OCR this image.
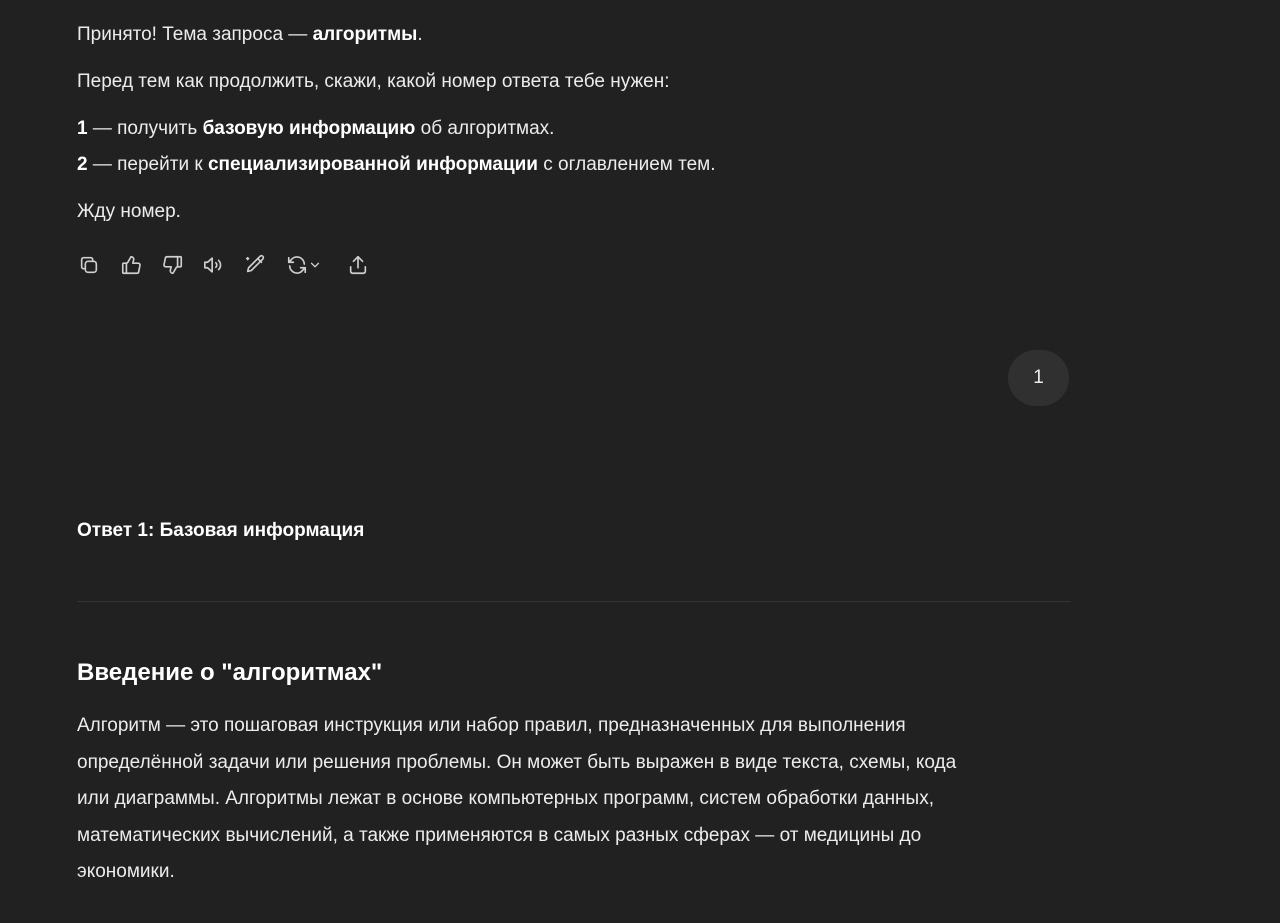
Принято! Тема запроса — алгоритмы.

Перед тем как продолжить, скажи, какой номер ответа тебе нужен:

1 — получить базовую информацию об алгоритмах.

2 — перейти к специализированной информации с оглавлением тем.

Жду номер.

1

Ответ 1: Базовая информация

Введение о "алгоритмах"

Алгоритм — это пошаговая инструкция или набор правил, предназначенных для выполнения
определённой задачи или решения проблемы. Он может быть выражен в виде текста, схемы, кода
или диаграммы. Алгоритмы лежат в основе компьютерных программ, систем обработки данных,
математических вычислений, а также применяются в самых разных сферах — от медицины до
экономики.
